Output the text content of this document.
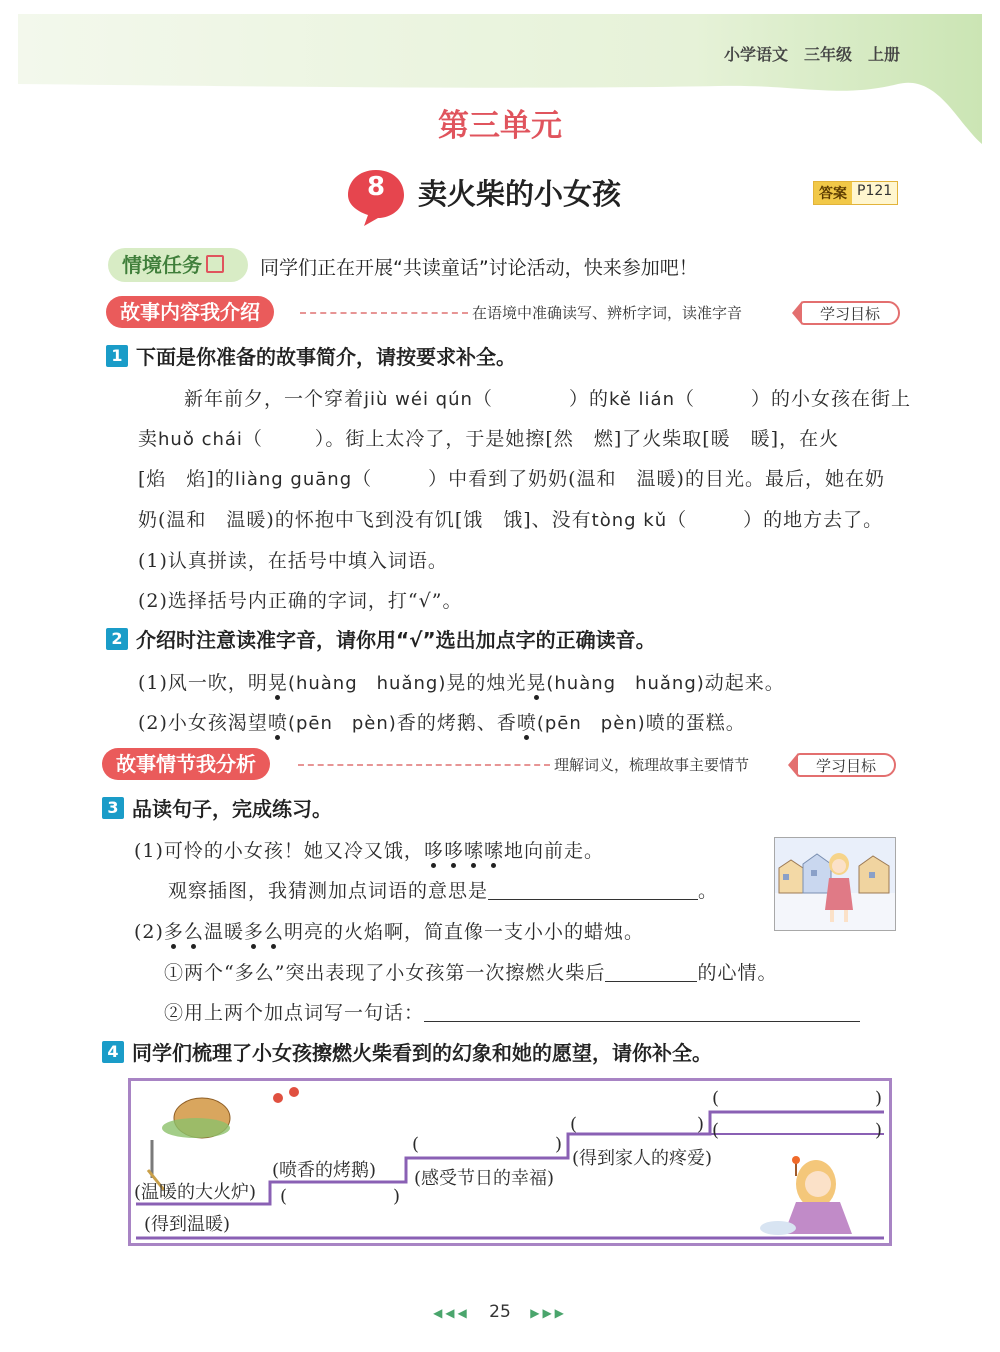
小学语文　三年级　上册
第三单元
8	卖火柴的小女孩	答案 P121
情境任务	同学们正在开展“共读童话”讨论活动，快来参加吧！
故事内容我介绍	在语境中准确读写、辨析字词，读准字音	学习目标
1 下面是你准备的故事简介，请按要求补全。
新年前夕，一个穿着jiù wéi qún（	）的kě lián（	）的小女孩在街上
卖huǒ chái（	）。街上太冷了，于是她擦[然　燃]了火柴取[暖　暖]，在火
[焰　焰]的liàng guāng（	）中看到了奶奶(温和　温暖)的目光。最后，她在奶
奶(温和　温暖)的怀抱中飞到没有饥[饿　饿]、没有tòng kǔ（	）的地方去了。
(1)认真拼读，在括号中填入词语。
(2)选择括号内正确的字词，打“√”。
2 介绍时注意读准字音，请你用“√”选出加点字的正确读音。
(1)风一吹，明晃(huàng　huǎng)晃的烛光晃(huàng　huǎng)动起来。
(2)小女孩渴望喷(pēn　pèn)香的烤鹅、香喷(pēn　pèn)喷的蛋糕。
故事情节我分析	理解词义，梳理故事主要情节	学习目标
3 品读句子，完成练习。
(1)可怜的小女孩！她又冷又饿，哆哆嗦嗦地向前走。
观察插图，我猜测加点词语的意思是	。
(2)多么温暖多么明亮的火焰啊，简直像一支小小的蜡烛。
①两个“多么”突出表现了小女孩第一次擦燃火柴后	的心情。
②用上两个加点词写一句话：
4 同学们梳理了小女孩擦燃火柴看到的幻象和她的愿望，请你补全。
(温暖的大火炉)
(得到温暖)
(喷香的烤鹅)
(	)
(	)
(感受节日的幸福)
(	)
(得到家人的疼爱)
(	)
(	)
◀◀◀ 25 ▶▶▶
